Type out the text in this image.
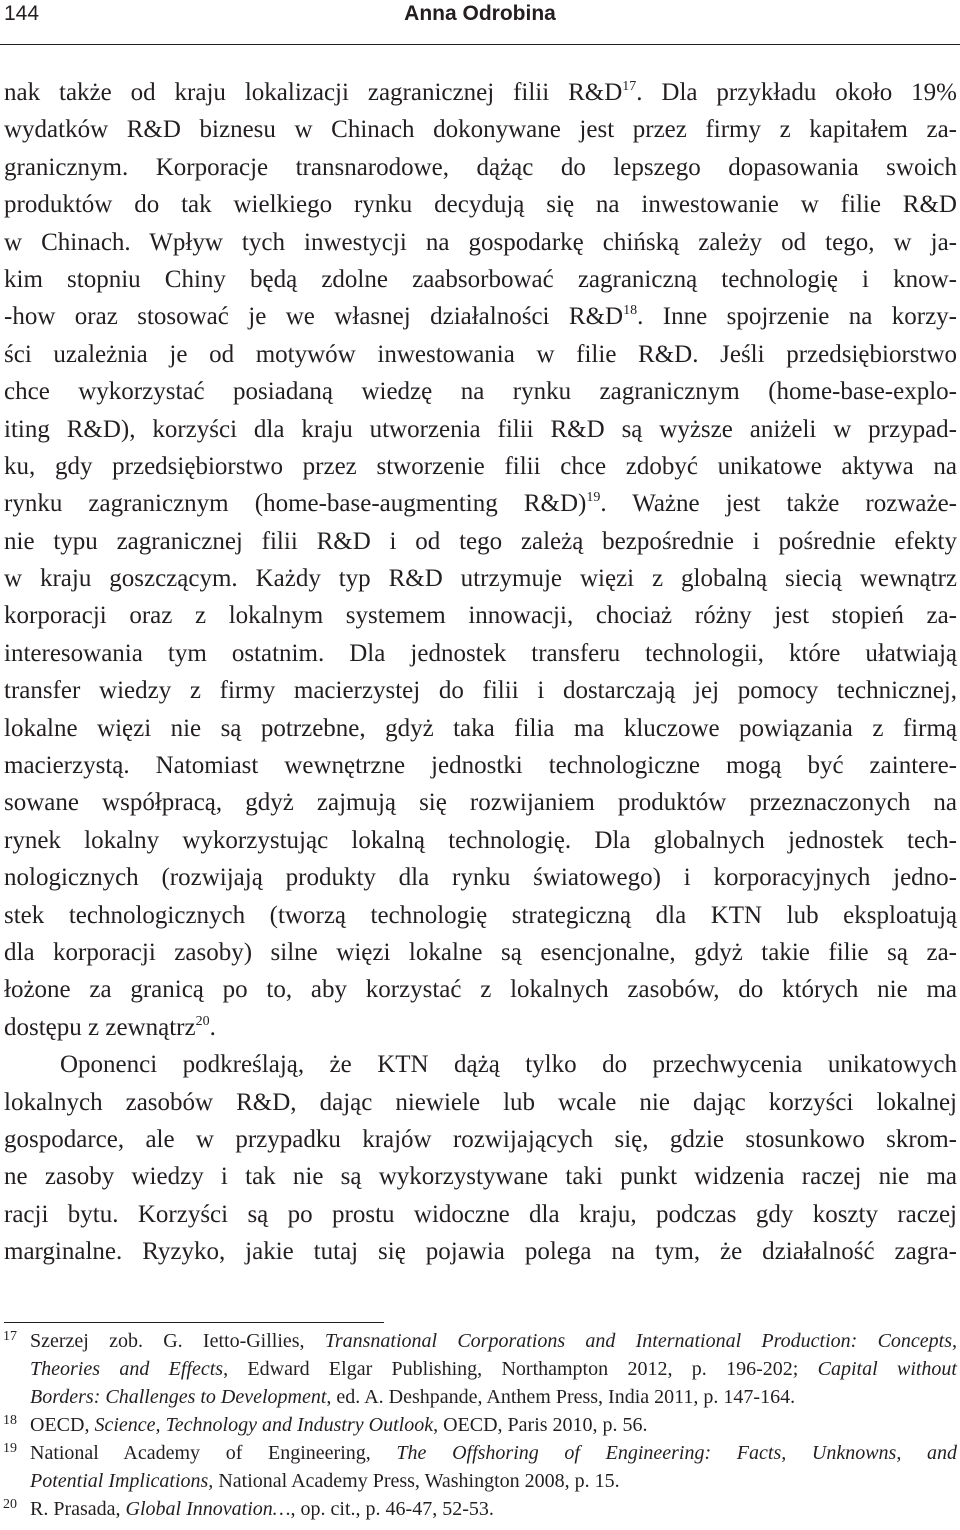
144	Anna Odrobina
nak także od kraju lokalizacji zagranicznej filii $R\&D^{17}$. Dla przykładu około 19%
wydatków R&D biznesu w Chinach dokonywane jest przez firmy z kapitałem za-
granicznym. Korporacje transnarodowe, dążąc do lepszego dopasowania swoich
produktów do tak wielkiego rynku decydują się na inwestowanie w filie R&D
w Chinach. Wpływ tych inwestycji na gospodarkę chińską zależy od tego, w ja-
kim stopniu Chiny będą zdolne zaabsorbować zagraniczną technologię i know-
-how oraz stosować je we własnej działalności $R\&D^{18}$. Inne spojrzenie na korzy-
ści uzależnia je od motywów inwestowania w filie R&D. Jeśli przedsiębiorstwo
chce wykorzystać posiadaną wiedzę na rynku zagranicznym (home-base-explo-
iting R&D), korzyści dla kraju utworzenia filii R&D są wyższe aniżeli w przypad-
ku, gdy przedsiębiorstwo przez stworzenie filii chce zdobyć unikatowe aktywa na
rynku zagranicznym (home-base-augmenting R&D)$^{19}$. Ważne jest także rozważe-
nie typu zagranicznej filii R&D i od tego zależą bezpośrednie i pośrednie efekty
w kraju goszczącym. Każdy typ R&D utrzymuje więzi z globalną siecią wewnątrz
korporacji oraz z lokalnym systemem innowacji, chociaż różny jest stopień za-
interesowania tym ostatnim. Dla jednostek transferu technologii, które ułatwiają
transfer wiedzy z firmy macierzystej do filii i dostarczają jej pomocy technicznej,
lokalne więzi nie są potrzebne, gdyż taka filia ma kluczowe powiązania z firmą
macierzystą. Natomiast wewnętrzne jednostki technologiczne mogą być zaintere-
sowane współpracą, gdyż zajmują się rozwijaniem produktów przeznaczonych na
rynek lokalny wykorzystując lokalną technologię. Dla globalnych jednostek tech-
nologicznych (rozwijają produkty dla rynku światowego) i korporacyjnych jedno-
stek technologicznych (tworzą technologię strategiczną dla KTN lub eksploatują
dla korporacji zasoby) silne więzi lokalne są esencjonalne, gdyż takie filie są za-
łożone za granicą po to, aby korzystać z lokalnych zasobów, do których nie ma
dostępu z zewnątrz$^{20}$.
Oponenci podkreślają, że KTN dążą tylko do przechwycenia unikatowych
lokalnych zasobów R&D, dając niewiele lub wcale nie dając korzyści lokalnej
gospodarce, ale w przypadku krajów rozwijających się, gdzie stosunkowo skrom-
ne zasoby wiedzy i tak nie są wykorzystywane taki punkt widzenia raczej nie ma
racji bytu. Korzyści są po prostu widoczne dla kraju, podczas gdy koszty raczej
marginalne. Ryzyko, jakie tutaj się pojawia polega na tym, że działalność zagra-
17 Szerzej zob. G. Ietto-Gillies, Transnational Corporations and International Production: Concepts,
Theories and Effects, Edward Elgar Publishing, Northampton 2012, p. 196-202; Capital without
Borders: Challenges to Development, ed. A. Deshpande, Anthem Press, India 2011, p. 147-164.
18 OECD, Science, Technology and Industry Outlook, OECD, Paris 2010, p. 56.
19 National Academy of Engineering, The Offshoring of Engineering: Facts, Unknowns, and
Potential Implications, National Academy Press, Washington 2008, p. 15.
20 R. Prasada, Global Innovation…, op. cit., p. 46-47, 52-53.
